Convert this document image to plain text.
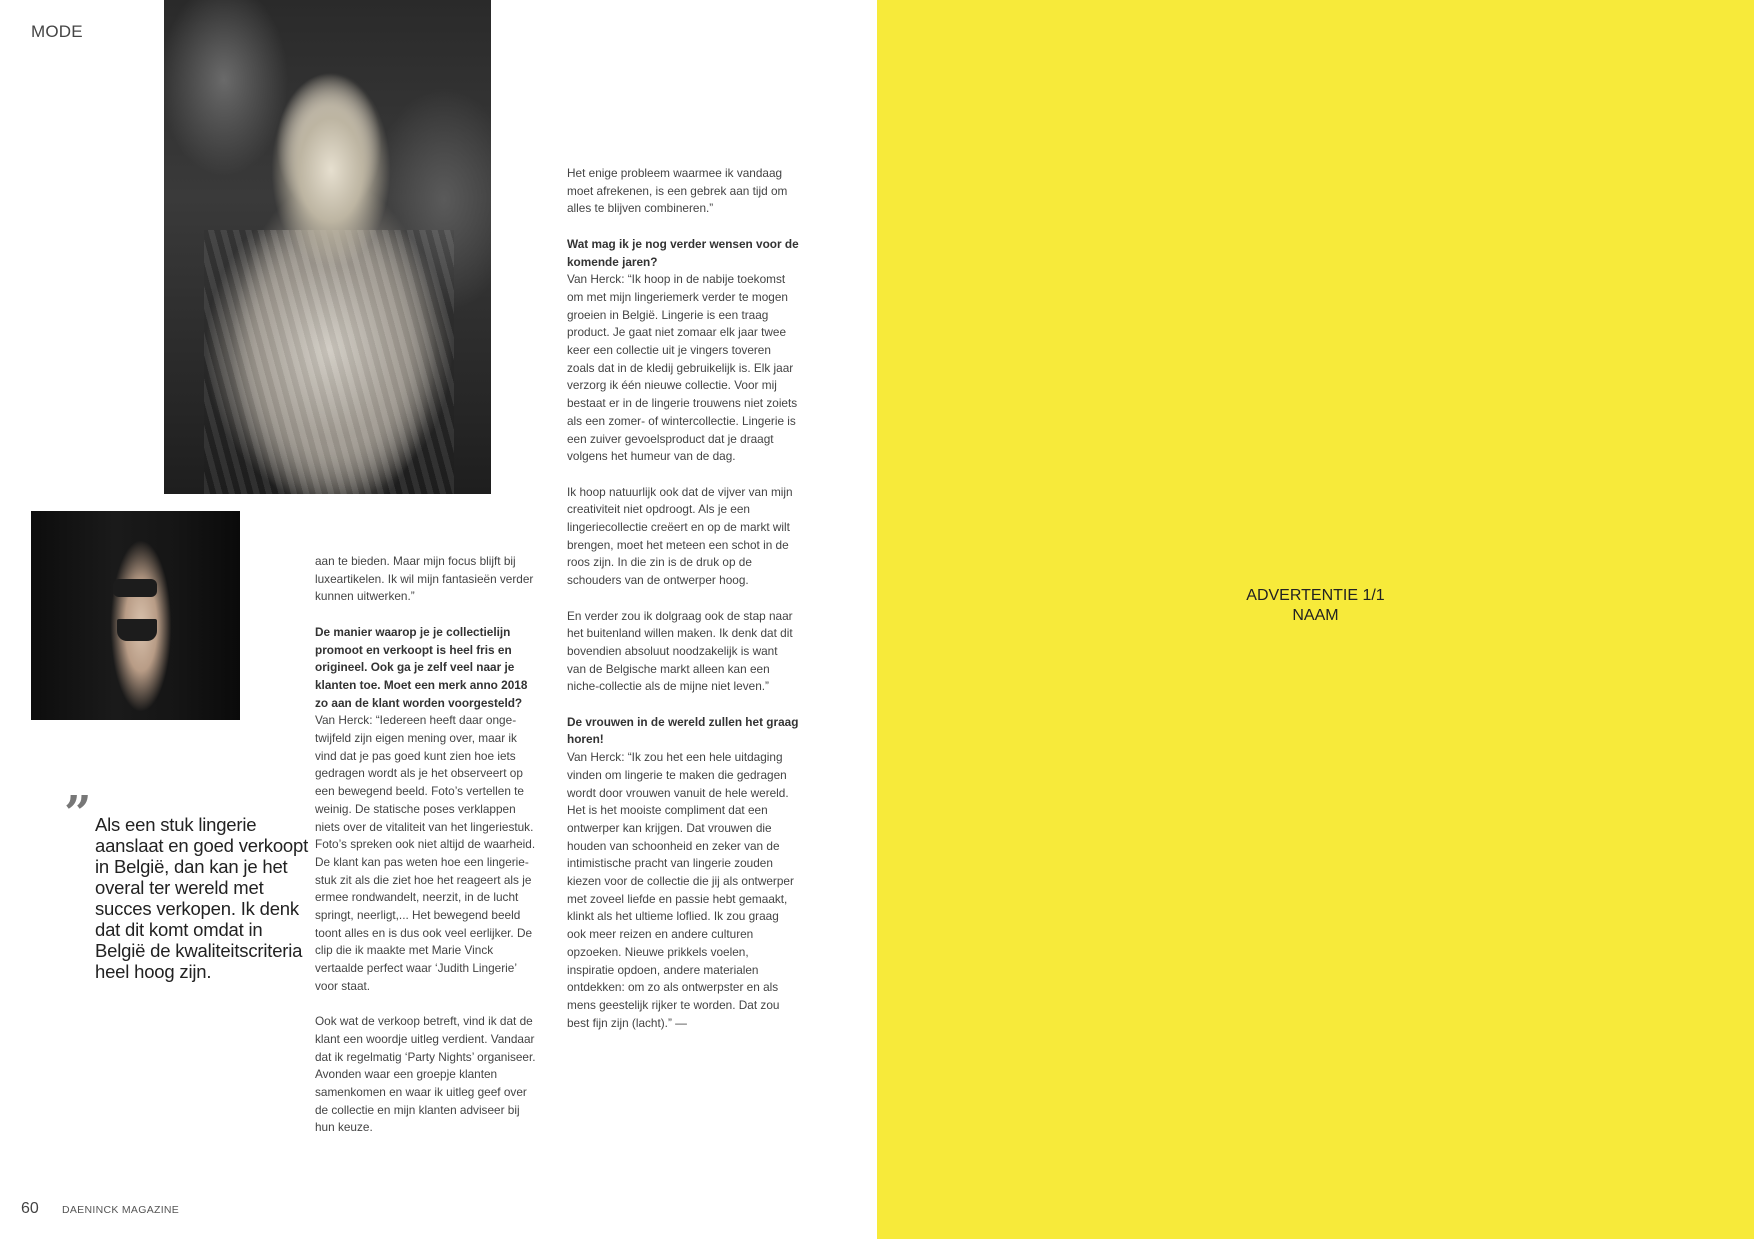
MODE
” Als een stuk lingerie aanslaat en goed verkoopt in België, dan kan je het overal ter wereld met succes verkopen. Ik denk dat dit komt omdat in België de kwaliteitscriteria heel hoog zijn.

aan te bieden. Maar mijn focus blijft bij luxeartikelen. Ik wil mijn fantasieën verder kunnen uitwerken.”

De manier waarop je je collectielijn promoot en verkoopt is heel fris en origineel. Ook ga je zelf veel naar je klanten toe. Moet een merk anno 2018 zo aan de klant worden voorgesteld?

Van Herck: “Iedereen heeft daar ongetwijfeld zijn eigen mening over, maar ik vind dat je pas goed kunt zien hoe iets gedragen wordt als je het observeert op een bewegend beeld. Foto’s vertellen te weinig. De statische poses verklappen niets over de vitaliteit van het lingeriestuk. Foto’s spreken ook niet altijd de waarheid. De klant kan pas weten hoe een lingeriestuk zit als die ziet hoe het reageert als je ermee rondwandelt, neerzit, in de lucht springt, neerligt,... Het bewegend beeld toont alles en is dus ook veel eerlijker. De clip die ik maakte met Marie Vinck vertaalde perfect waar ‘Judith Lingerie’ voor staat.

Ook wat de verkoop betreft, vind ik dat de klant een woordje uitleg verdient. Vandaar dat ik regelmatig ‘Party Nights’ organiseer. Avonden waar een groepje klanten samenkomen en waar ik uitleg geef over de collectie en mijn klanten adviseer bij hun keuze.

Het enige probleem waarmee ik vandaag moet afrekenen, is een gebrek aan tijd om alles te blijven combineren.”

Wat mag ik je nog verder wensen voor de komende jaren?

Van Herck: “Ik hoop in de nabije toekomst om met mijn lingeriemerk verder te mogen groeien in België. Lingerie is een traag product. Je gaat niet zomaar elk jaar twee keer een collectie uit je vingers toveren zoals dat in de kledij gebruikelijk is. Elk jaar verzorg ik één nieuwe collectie. Voor mij bestaat er in de lingerie trouwens niet zoiets als een zomer- of wintercollectie. Lingerie is een zuiver gevoelsproduct dat je draagt volgens het humeur van de dag.

Ik hoop natuurlijk ook dat de vijver van mijn creativiteit niet opdroogt. Als je een lingeriecollectie creëert en op de markt wilt brengen, moet het meteen een schot in de roos zijn. In die zin is de druk op de schouders van de ontwerper hoog.

En verder zou ik dolgraag ook de stap naar het buitenland willen maken. Ik denk dat dit bovendien absoluut noodzakelijk is want van de Belgische markt alleen kan een niche-collectie als de mijne niet leven.”

De vrouwen in de wereld zullen het graag horen!

Van Herck: “Ik zou het een hele uitdaging vinden om lingerie te maken die gedragen wordt door vrouwen vanuit de hele wereld. Het is het mooiste compliment dat een ontwerper kan krijgen. Dat vrouwen die houden van schoonheid en zeker van de intimistische pracht van lingerie zouden kiezen voor de collectie die jij als ontwerper met zoveel liefde en passie hebt gemaakt, klinkt als het ultieme loflied. Ik zou graag ook meer reizen en andere culturen opzoeken. Nieuwe prikkels voelen, inspiratie opdoen, andere materialen ontdekken: om zo als ontwerpster en als mens geestelijk rijker te worden. Dat zou best fijn zijn (lacht).” —

60 DAENINCK MAGAZINE
ADVERTENTIE 1/1
NAAM
